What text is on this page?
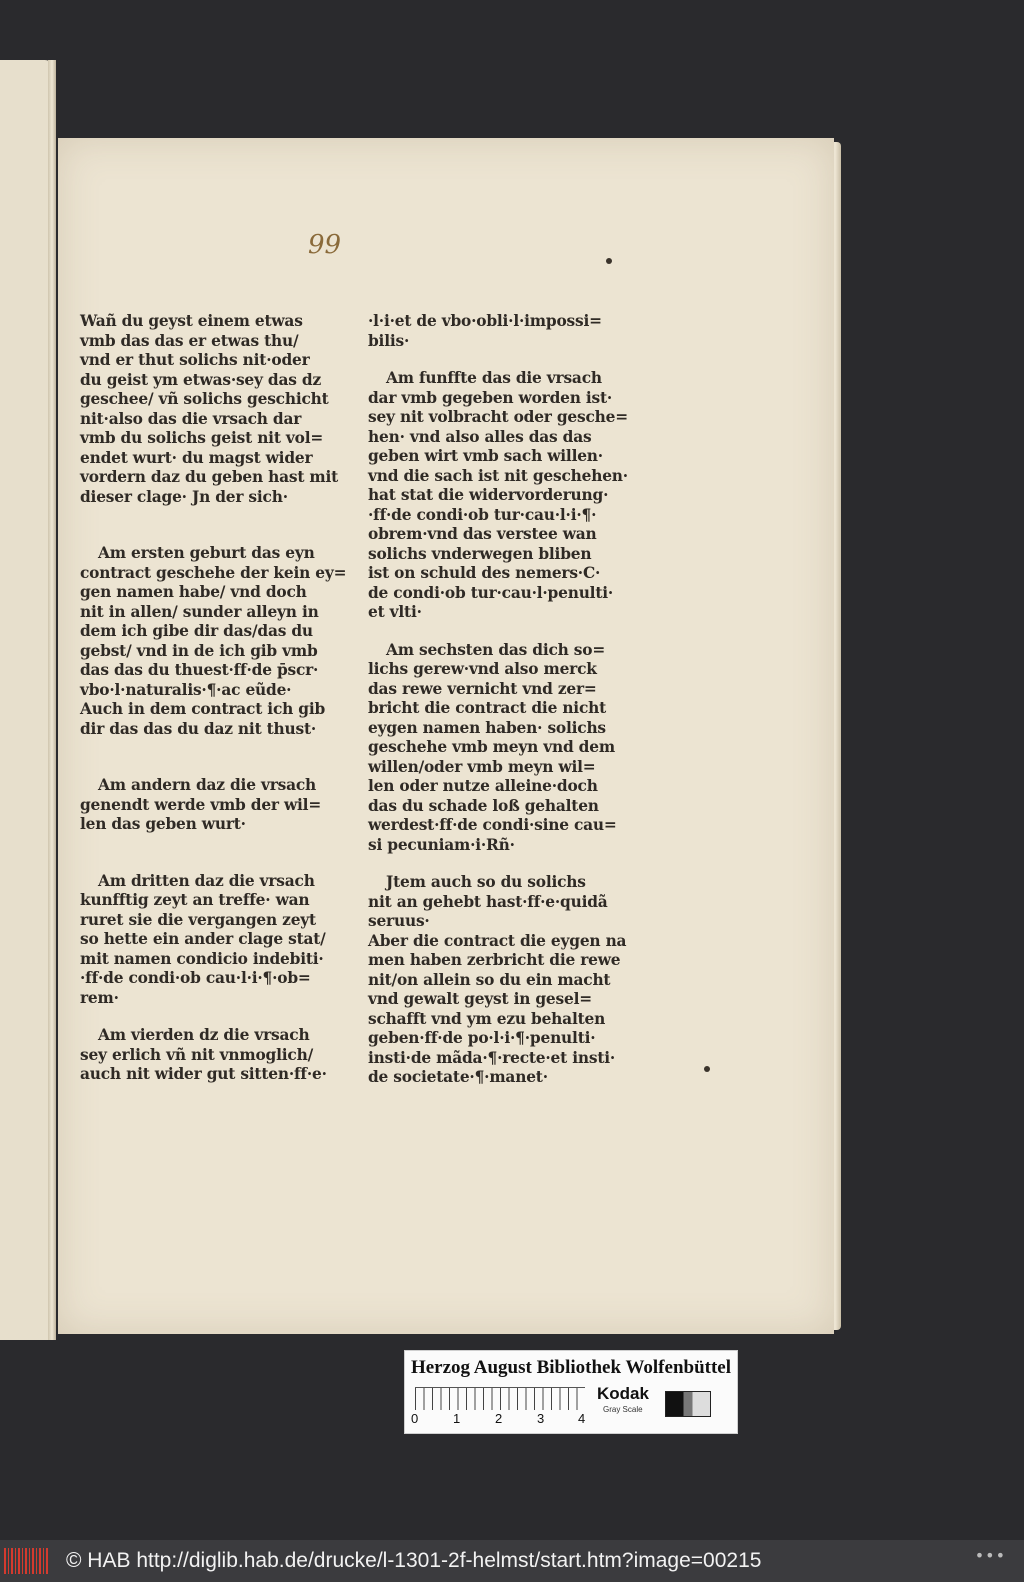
99
Wañ du geyst einem etwas
vmb das das er etwas thu/
vnd er thut solichs nit·oder
du geist ym etwas·sey das dz
geschee/ vñ solichs geschicht
nit·also das die vrsach dar
vmb du solichs geist nit vol=
endet wurt· du magst wider
vordern daz du geben hast mit
dieser clage· Jn der sich·
Am ersten geburt das eyn
contract geschehe der kein ey=
gen namen habe/ vnd doch
nit in allen/ sunder alleyn in
dem ich gibe dir das/das du
gebst/ vnd in de ich gib vmb
das das du thuest·ff·de p̄scr·
vbo·l·naturalis·¶·ac eũde·
Auch in dem contract ich gib
dir das das du daz nit thust·
Am andern daz die vrsach
genendt werde vmb der wil=
len das geben wurt·
Am dritten daz die vrsach
kunfftig zeyt an treffe· wan
ruret sie die vergangen zeyt
so hette ein ander clage stat/
mit namen condicio indebiti·
·ff·de condi·ob cau·l·i·¶·ob=
rem·
Am vierden dz die vrsach
sey erlich vñ nit vnmoglich/
auch nit wider gut sitten·ff·e·
·l·i·et de vbo·obli·l·impossi=
bilis·
Am funffte das die vrsach
dar vmb gegeben worden ist·
sey nit volbracht oder gesche=
hen· vnd also alles das das
geben wirt vmb sach willen·
vnd die sach ist nit geschehen·
hat stat die widervorderung·
·ff·de condi·ob tur·cau·l·i·¶·
obrem·vnd das verstee wan
solichs vnderwegen bliben
ist on schuld des nemers·C·
de condi·ob tur·cau·l·penulti·
et vlti·
Am sechsten das dich so=
lichs gerew·vnd also merck
das rewe vernicht vnd zer=
bricht die contract die nicht
eygen namen haben· solichs
geschehe vmb meyn vnd dem
willen/oder vmb meyn wil=
len oder nutze alleine·doch
das du schade loß gehalten
werdest·ff·de condi·sine cau=
si pecuniam·i·Rñ·
Jtem auch so du solichs
nit an gehebt hast·ff·e·quidã
seruus·
Aber die contract die eygen na
men haben zerbricht die rewe
nit/on allein so du ein macht
vnd gewalt geyst in gesel=
schafft vnd ym ezu behalten
geben·ff·de po·l·i·¶·penulti·
insti·de mãda·¶·recte·et insti·
de societate·¶·manet·
Herzog August Bibliothek Wolfenbüttel
0	1	2	3	4
Kodak
Gray Scale
© HAB http://diglib.hab.de/drucke/l-1301-2f-helmst/start.htm?image=00215	•••
